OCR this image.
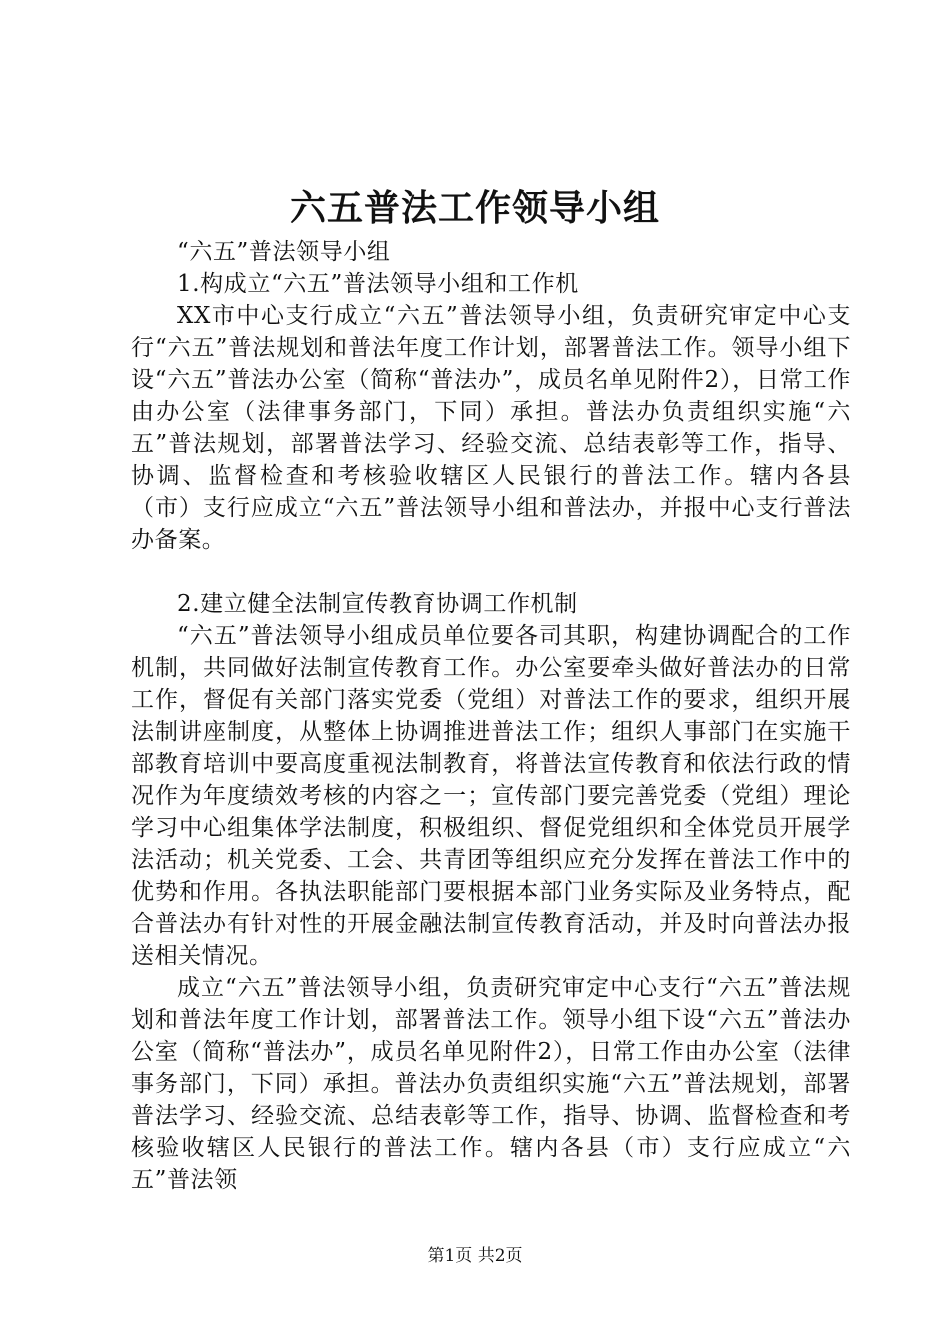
六五普法工作领导小组

“六五”普法领导小组

1.构成立“六五”普法领导小组和工作机

XX市中心支行成立“六五”普法领导小组，负责研究审定中心支行“六五”普法规划和普法年度工作计划，部署普法工作。领导小组下设“六五”普法办公室（简称“普法办”，成员名单见附件2），日常工作由办公室（法律事务部门，下同）承担。普法办负责组织实施“六五”普法规划，部署普法学习、经验交流、总结表彰等工作，指导、协调、监督检查和考核验收辖区人民银行的普法工作。辖内各县（市）支行应成立“六五”普法领导小组和普法办，并报中心支行普法办备案。

2.建立健全法制宣传教育协调工作机制

“六五”普法领导小组成员单位要各司其职，构建协调配合的工作机制，共同做好法制宣传教育工作。办公室要牵头做好普法办的日常工作，督促有关部门落实党委（党组）对普法工作的要求，组织开展法制讲座制度，从整体上协调推进普法工作；组织人事部门在实施干部教育培训中要高度重视法制教育，将普法宣传教育和依法行政的情况作为年度绩效考核的内容之一；宣传部门要完善党委（党组）理论学习中心组集体学法制度，积极组织、督促党组织和全体党员开展学法活动；机关党委、工会、共青团等组织应充分发挥在普法工作中的优势和作用。各执法职能部门要根据本部门业务实际及业务特点，配合普法办有针对性的开展金融法制宣传教育活动，并及时向普法办报送相关情况。

成立“六五”普法领导小组，负责研究审定中心支行“六五”普法规划和普法年度工作计划，部署普法工作。领导小组下设“六五”普法办公室（简称“普法办”，成员名单见附件2），日常工作由办公室（法律事务部门，下同）承担。普法办负责组织实施“六五”普法规划，部署普法学习、经验交流、总结表彰等工作，指导、协调、监督检查和考核验收辖区人民银行的普法工作。辖内各县（市）支行应成立“六五”普法领

第1页 共2页
